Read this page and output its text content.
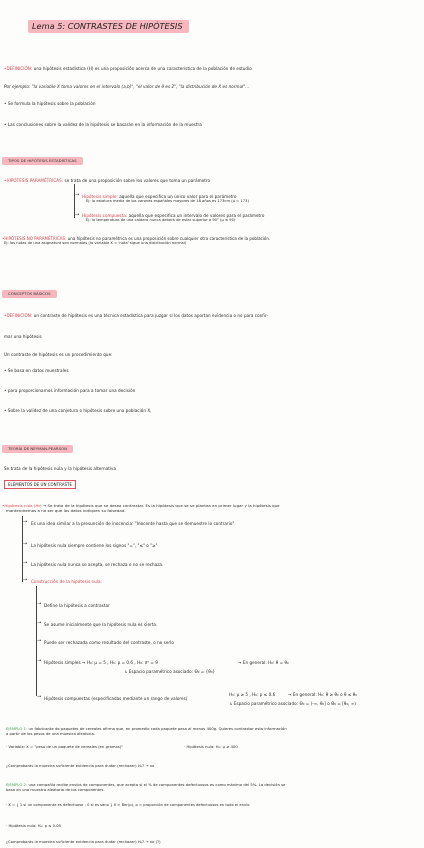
Lema 5: CONTRASTES DE HIPÓTESIS
•DEFINICIÓN: una hipótesis estadística (H) es una proposición acerca de una característica de la población de estudio
Por ejemplo: "la variable X toma valores en el intervalo (a,b)", "el valor de θ es 2", "la distribución de X es normal"...
• Se formula la hipótesis sobre la población
• Las conclusiones sobre la validez de la hipótesis se basarán en la información de la muestra
TIPOS DE HIPÓTESIS ESTADÍSTICAS
•HIPÓTESIS PARAMÉTRICAS: se trata de una proposición sobre los valores que toma un parámetro
→ Hipótesis simple: aquella que especifica un único valor para el parámetro
Ej: la estatura media de los varones españoles mayores de 18 años es 173cm (μ = 173)
→ Hipótesis compuesta: aquella que especifica un intervalo de valores para el parámetro
Ej: la temperatura de una caldera nunca deberá de estar superior a 90° (μ ≤ 90)
•HIPÓTESIS NO PARAMÉTRICAS: una hipótesis no paramétrica es una proposición sobre cualquier otra característica de la población.
Ej: las notas de una asignatura son normales (la variable X = 'nota' sigue una distribución normal)
CONCEPTOS BÁSICOS
•DEFINICIÓN: un contraste de hipótesis es una técnica estadística para juzgar si los datos aportan evidencia o no para confir-
mar una hipótesis
Un contraste de hipótesis es un procedimiento que:
• Se basa en datos muestrales
• para proporcionarnos información para a tomar una decisión
• Sobre la validez de una conjetura o hipótesis sobre una población X,
TEORÍA DE NEYMAN-PEARSON
Se trata de la hipótesis nula y la hipótesis alternativa
ELEMENTOS DE UN CONTRASTE
•Hipótesis nula (H₀) → Se trata de la hipótesis que se desea contrastar. Es la hipótesis que se se plantea en primer lugar y la hipótesis que
mantendremos a no ser que los datos indiquen su falsedad.
→ Es una idea similar a la presunción de inocencia: "Inocente hasta que se demuestre lo contrario"
→ La hipótesis nula siempre contiene los signos "=", "≤" o "≥"
→ La hipótesis nula nunca se acepta, se rechaza o no se rechaza.
→ Construcción de la hipótesis nula:
→ Define la hipótesis a contrastar
→ Se asume inicialmente que la hipótesis nula es cierta.
→ Puede ser rechazada como resultado del contraste, o no serlo
→ Hipótesis simples → H₀: μ = 5 , H₀: p = 0.6 , H₀: σ² = 9	→ En general: H₀: θ = θ₀
↳ Espacio paramétrico asociado: Θ₀ = {θ₀}
→ Hipótesis compuestas (especificadas mediante un rango de valores)
H₀: μ ≥ 5 , H₀: p ≤ 0.6	→ En general: H₀: θ ≥ θ₀ o θ ≤ θ₀
↳ Espacio paramétrico asociado: Θ₀ = (-∞, θ₀] o Θ₀ = [θ₀, ∞)
EJEMPLO 1: un fabricante de paquetes de cereales afirma que, en promedio cada paquete pesa al menos 400g. Quieres contrastar esta información
a partir de los pesos de una muestra aleatoria.
· Variable: X = "peso de un paquete de cereales (en gramos)"	· Hipótesis nula: H₀: μ ≥ 400
¿Comprobarás la muestra suficiente evidencia para dudar (rechazar) H₀? → no
EJEMPLO 2: una compañía recibe envíos de componentes, que acepta si el % de componentes defectuosos es como máximo del 5%. La decisión se
basa en una muestra aleatoria de los componentes.
· X = { 1 si un componente es defectuoso ; 0 si es sano } X ≈ Ber(p), p = proporción de componentes defectuosos en todo el envío
· Hipótesis nula: H₀: p ≤ 0.05
¿Comprobarás la muestra suficiente evidencia para dudar (rechazar) H₀? → no (?)
